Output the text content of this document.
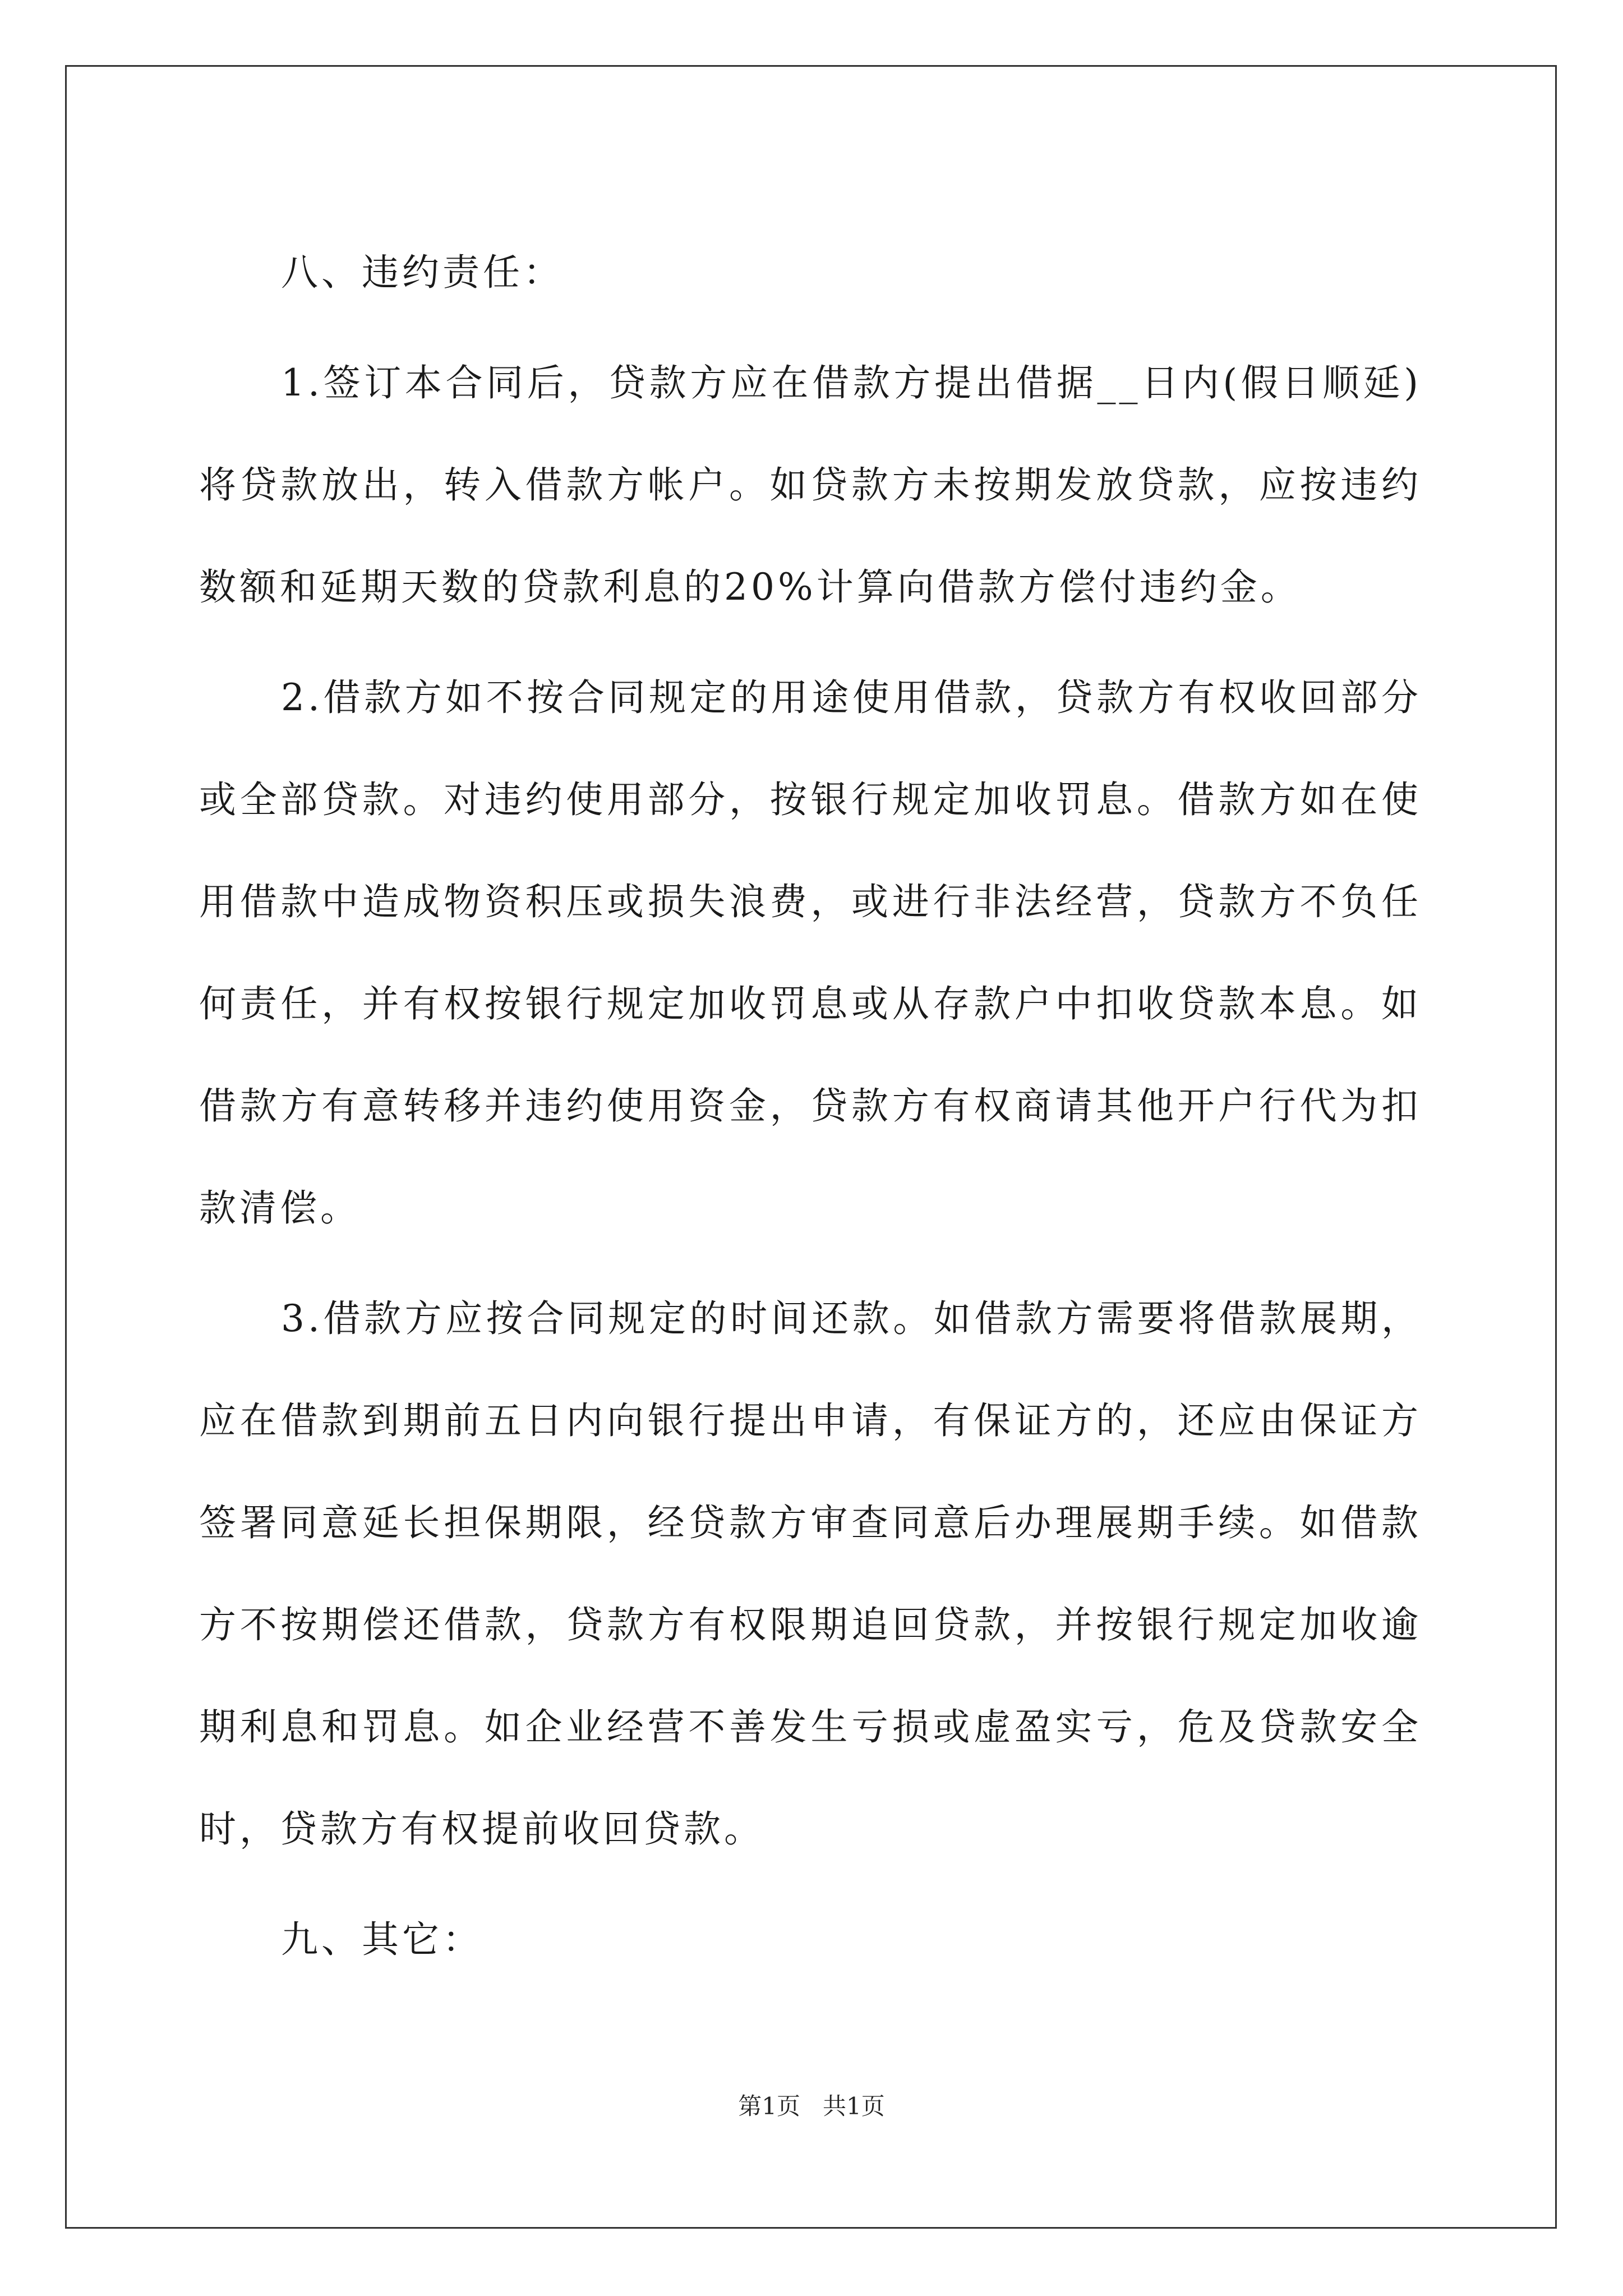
八、违约责任：

1.签订本合同后，贷款方应在借款方提出借据__日内(假日顺延)将贷款放出，转入借款方帐户。如贷款方未按期发放贷款，应按违约数额和延期天数的贷款利息的20%计算向借款方偿付违约金。

2.借款方如不按合同规定的用途使用借款，贷款方有权收回部分或全部贷款。对违约使用部分，按银行规定加收罚息。借款方如在使用借款中造成物资积压或损失浪费，或进行非法经营，贷款方不负任何责任，并有权按银行规定加收罚息或从存款户中扣收贷款本息。如借款方有意转移并违约使用资金，贷款方有权商请其他开户行代为扣款清偿。

3.借款方应按合同规定的时间还款。如借款方需要将借款展期，应在借款到期前五日内向银行提出申请，有保证方的，还应由保证方签署同意延长担保期限，经贷款方审查同意后办理展期手续。如借款方不按期偿还借款，贷款方有权限期追回贷款，并按银行规定加收逾期利息和罚息。如企业经营不善发生亏损或虚盈实亏，危及贷款安全时，贷款方有权提前收回贷款。

九、其它：

第1页 共1页
